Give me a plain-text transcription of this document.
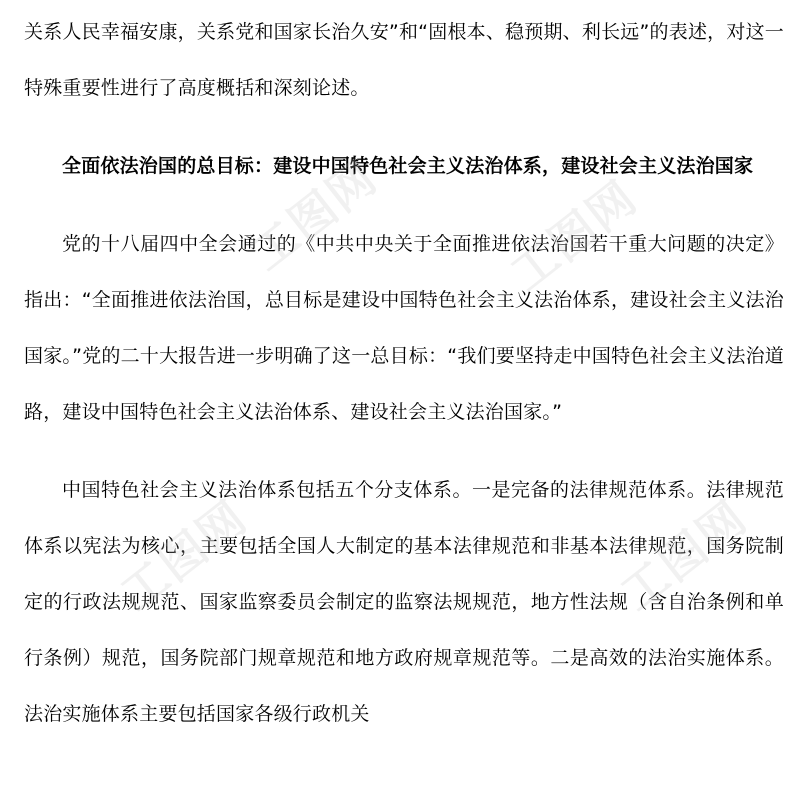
关系人民幸福安康，关系党和国家长治久安”和“固根本、稳预期、利长远”的表述，对这一特殊重要性进行了高度概括和深刻论述。

全面依法治国的总目标：建设中国特色社会主义法治体系，建设社会主义法治国家

党的十八届四中全会通过的《中共中央关于全面推进依法治国若干重大问题的决定》指出：“全面推进依法治国，总目标是建设中国特色社会主义法治体系，建设社会主义法治国家。”党的二十大报告进一步明确了这一总目标：“我们要坚持走中国特色社会主义法治道路，建设中国特色社会主义法治体系、建设社会主义法治国家。”

中国特色社会主义法治体系包括五个分支体系。一是完备的法律规范体系。法律规范体系以宪法为核心，主要包括全国人大制定的基本法律规范和非基本法律规范，国务院制定的行政法规规范、国家监察委员会制定的监察法规规范，地方性法规（含自治条例和单行条例）规范，国务院部门规章规范和地方政府规章规范等。二是高效的法治实施体系。法治实施体系主要包括国家各级行政机关

工图网 工图网
工图网	工图网
